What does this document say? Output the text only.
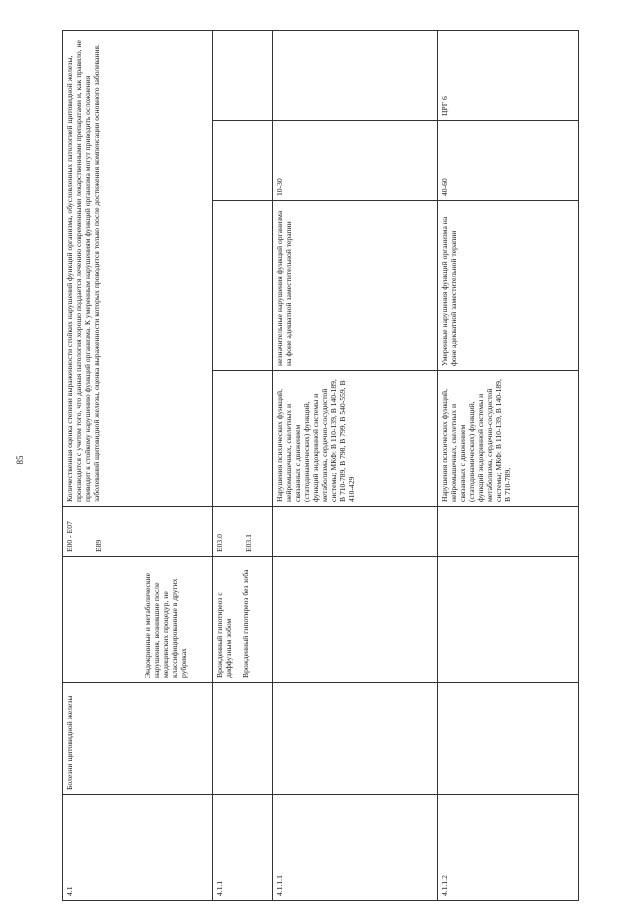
85
4.1	Болезни щитовидной железы	Эндокринные и метаболические нарушения, возникшие после медицинских процедур, не классифицированные в других рубриках	E00 - E07 E89	Количественная оценка степени выраженности стойких нарушений функций организма, обусловленных патологией щитовидной железы, производится с учетом того, что данная патология хорошо поддается лечению современными лекарственными препаратами и, как правило, не приводит к стойкому нарушению функций организма. К умеренным нарушениям функций организма могут приводить осложнения заболеваний щитовидной железы, оценка выраженности которых проводится только после достижения компенсации основного заболевания.			
4.1.1		Врожденный гипотиреоз с диффузным зобом Врожденный гипотиреоз без зоба	E03.0 E03.1				

4.1.1.1				Нарушения психических функций, нейромышечных, скелетных и связанных с движением (статодинамических) функций, функций эндокринной системы и метаболизма, сердечно-сосудистой системы; МКФ: В 110-139, В 140-189, В 710-789, В 798, В 799, В 540-559, В 410-429	незначительные нарушения функций организма на фоне адекватной заместительной терапии	10-30	
4.1.1.2				Нарушения психических функций, нейромышечных, скелетных и связанных с движением (статодинамических) функций, функций эндокринной системы и метаболизма, сердечно-сосудистой системы; МКФ: В 110-139, В 140-189, В 710-789,	Умеренные нарушения функций организма на фоне адекватной заместительной терапии	40-60	ЦРГ 6
